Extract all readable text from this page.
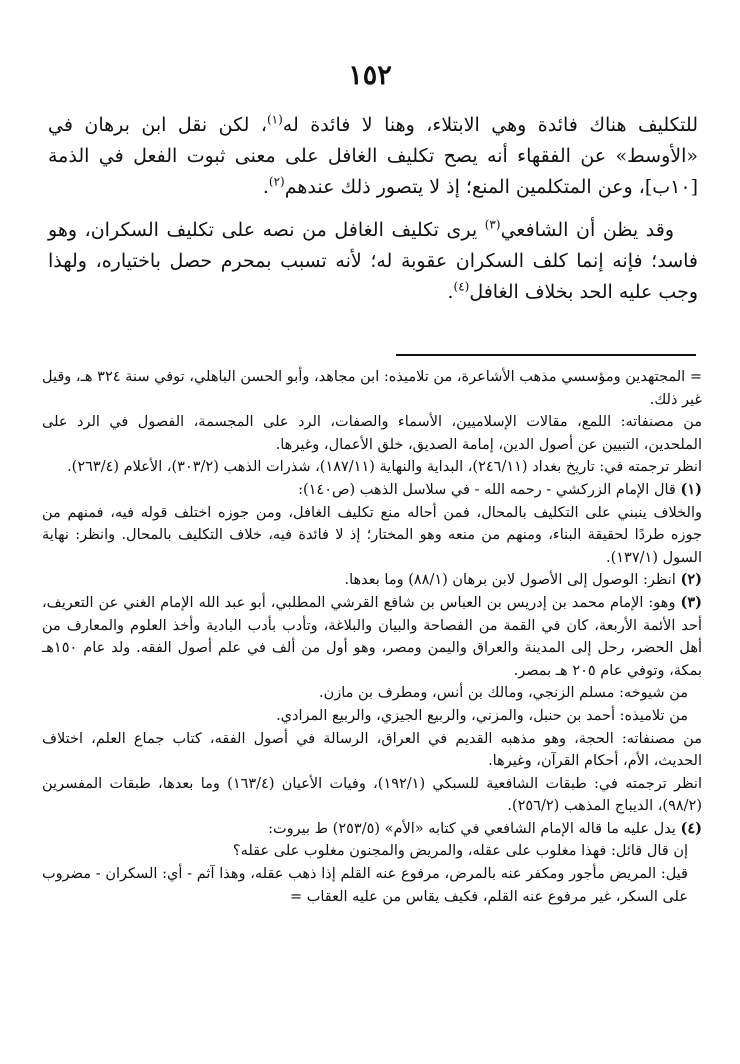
١٥٢

للتكليف هناك فائدة وهي الابتلاء، وهنا لا فائدة له$^{(١)}$، لكن نقل ابن برهان في «الأوسط» عن الفقهاء أنه يصح تكليف الغافل على معنى ثبوت الفعل في الذمة [١٠ب]، وعن المتكلمين المنع؛ إذ لا يتصور ذلك عندهم$^{(٢)}$.

وقد يظن أن الشافعي$^{(٣)}$ يرى تكليف الغافل من نصه على تكليف السكران، وهو فاسد؛ فإنه إنما كلف السكران عقوبة له؛ لأنه تسبب بمحرم حصل باختياره، ولهذا وجب عليه الحد بخلاف الغافل$^{(٤)}$.

= المجتهدين ومؤسسي مذهب الأشاعرة، من تلاميذه: ابن مجاهد، وأبو الحسن الباهلي، توفي سنة ٣٢٤ هـ، وقيل غير ذلك.

من مصنفاته: اللمع، مقالات الإسلاميين، الأسماء والصفات، الرد على المجسمة، الفصول في الرد على الملحدين، التبيين عن أصول الدين، إمامة الصديق، خلق الأعمال، وغيرها.

انظر ترجمته في: تاريخ بغداد (٢٤٦/١١)، البداية والنهاية (١٨٧/١١)، شذرات الذهب (٣٠٣/٢)، الأعلام (٢٦٣/٤).

(١) قال الإمام الزركشي - رحمه الله - في سلاسل الذهب (ص١٤٠):

والخلاف ينبني على التكليف بالمحال، فمن أحاله منع تكليف الغافل، ومن جوزه اختلف قوله فيه، فمنهم من جوزه طردًا لحقيقة البناء، ومنهم من منعه وهو المختار؛ إذ لا فائدة فيه، خلاف التكليف بالمحال. وانظر: نهاية السول (١٣٧/١).

(٢) انظر: الوصول إلى الأصول لابن برهان (٨٨/١) وما بعدها.

(٣) وهو: الإمام محمد بن إدريس بن العباس بن شافع القرشي المطلبي، أبو عبد الله الإمام الغني عن التعريف، أحد الأئمة الأربعة، كان في القمة من الفصاحة والبيان والبلاغة، وتأدب بأدب البادية وأخذ العلوم والمعارف من أهل الحضر، رحل إلى المدينة والعراق واليمن ومصر، وهو أول من ألف في علم أصول الفقه. ولد عام ١٥٠هـ بمكة، وتوفي عام ٢٠٥ هـ بمصر.

من شيوخه: مسلم الزنجي، ومالك بن أنس، ومطرف بن مازن.

من تلاميذه: أحمد بن حنبل، والمزني، والربيع الجيزي، والربيع المرادي.

من مصنفاته: الحجة، وهو مذهبه القديم في العراق، الرسالة في أصول الفقه، كتاب جماع العلم، اختلاف الحديث، الأم، أحكام القرآن، وغيرها.

انظر ترجمته في: طبقات الشافعية للسبكي (١٩٢/١)، وفيات الأعيان (١٦٣/٤) وما بعدها، طبقات المفسرين (٩٨/٢)، الديباج المذهب (٢٥٦/٢).

(٤) يدل عليه ما قاله الإمام الشافعي في كتابه «الأم» (٢٥٣/٥) ط بيروت:

إن قال قائل: فهذا مغلوب على عقله، والمريض والمجنون مغلوب على عقله؟

قيل: المريض مأجور ومكفر عنه بالمرض، مرفوع عنه القلم إذا ذهب عقله، وهذا آثم - أي: السكران - مضروب على السكر، غير مرفوع عنه القلم، فكيف يقاس من عليه العقاب =
